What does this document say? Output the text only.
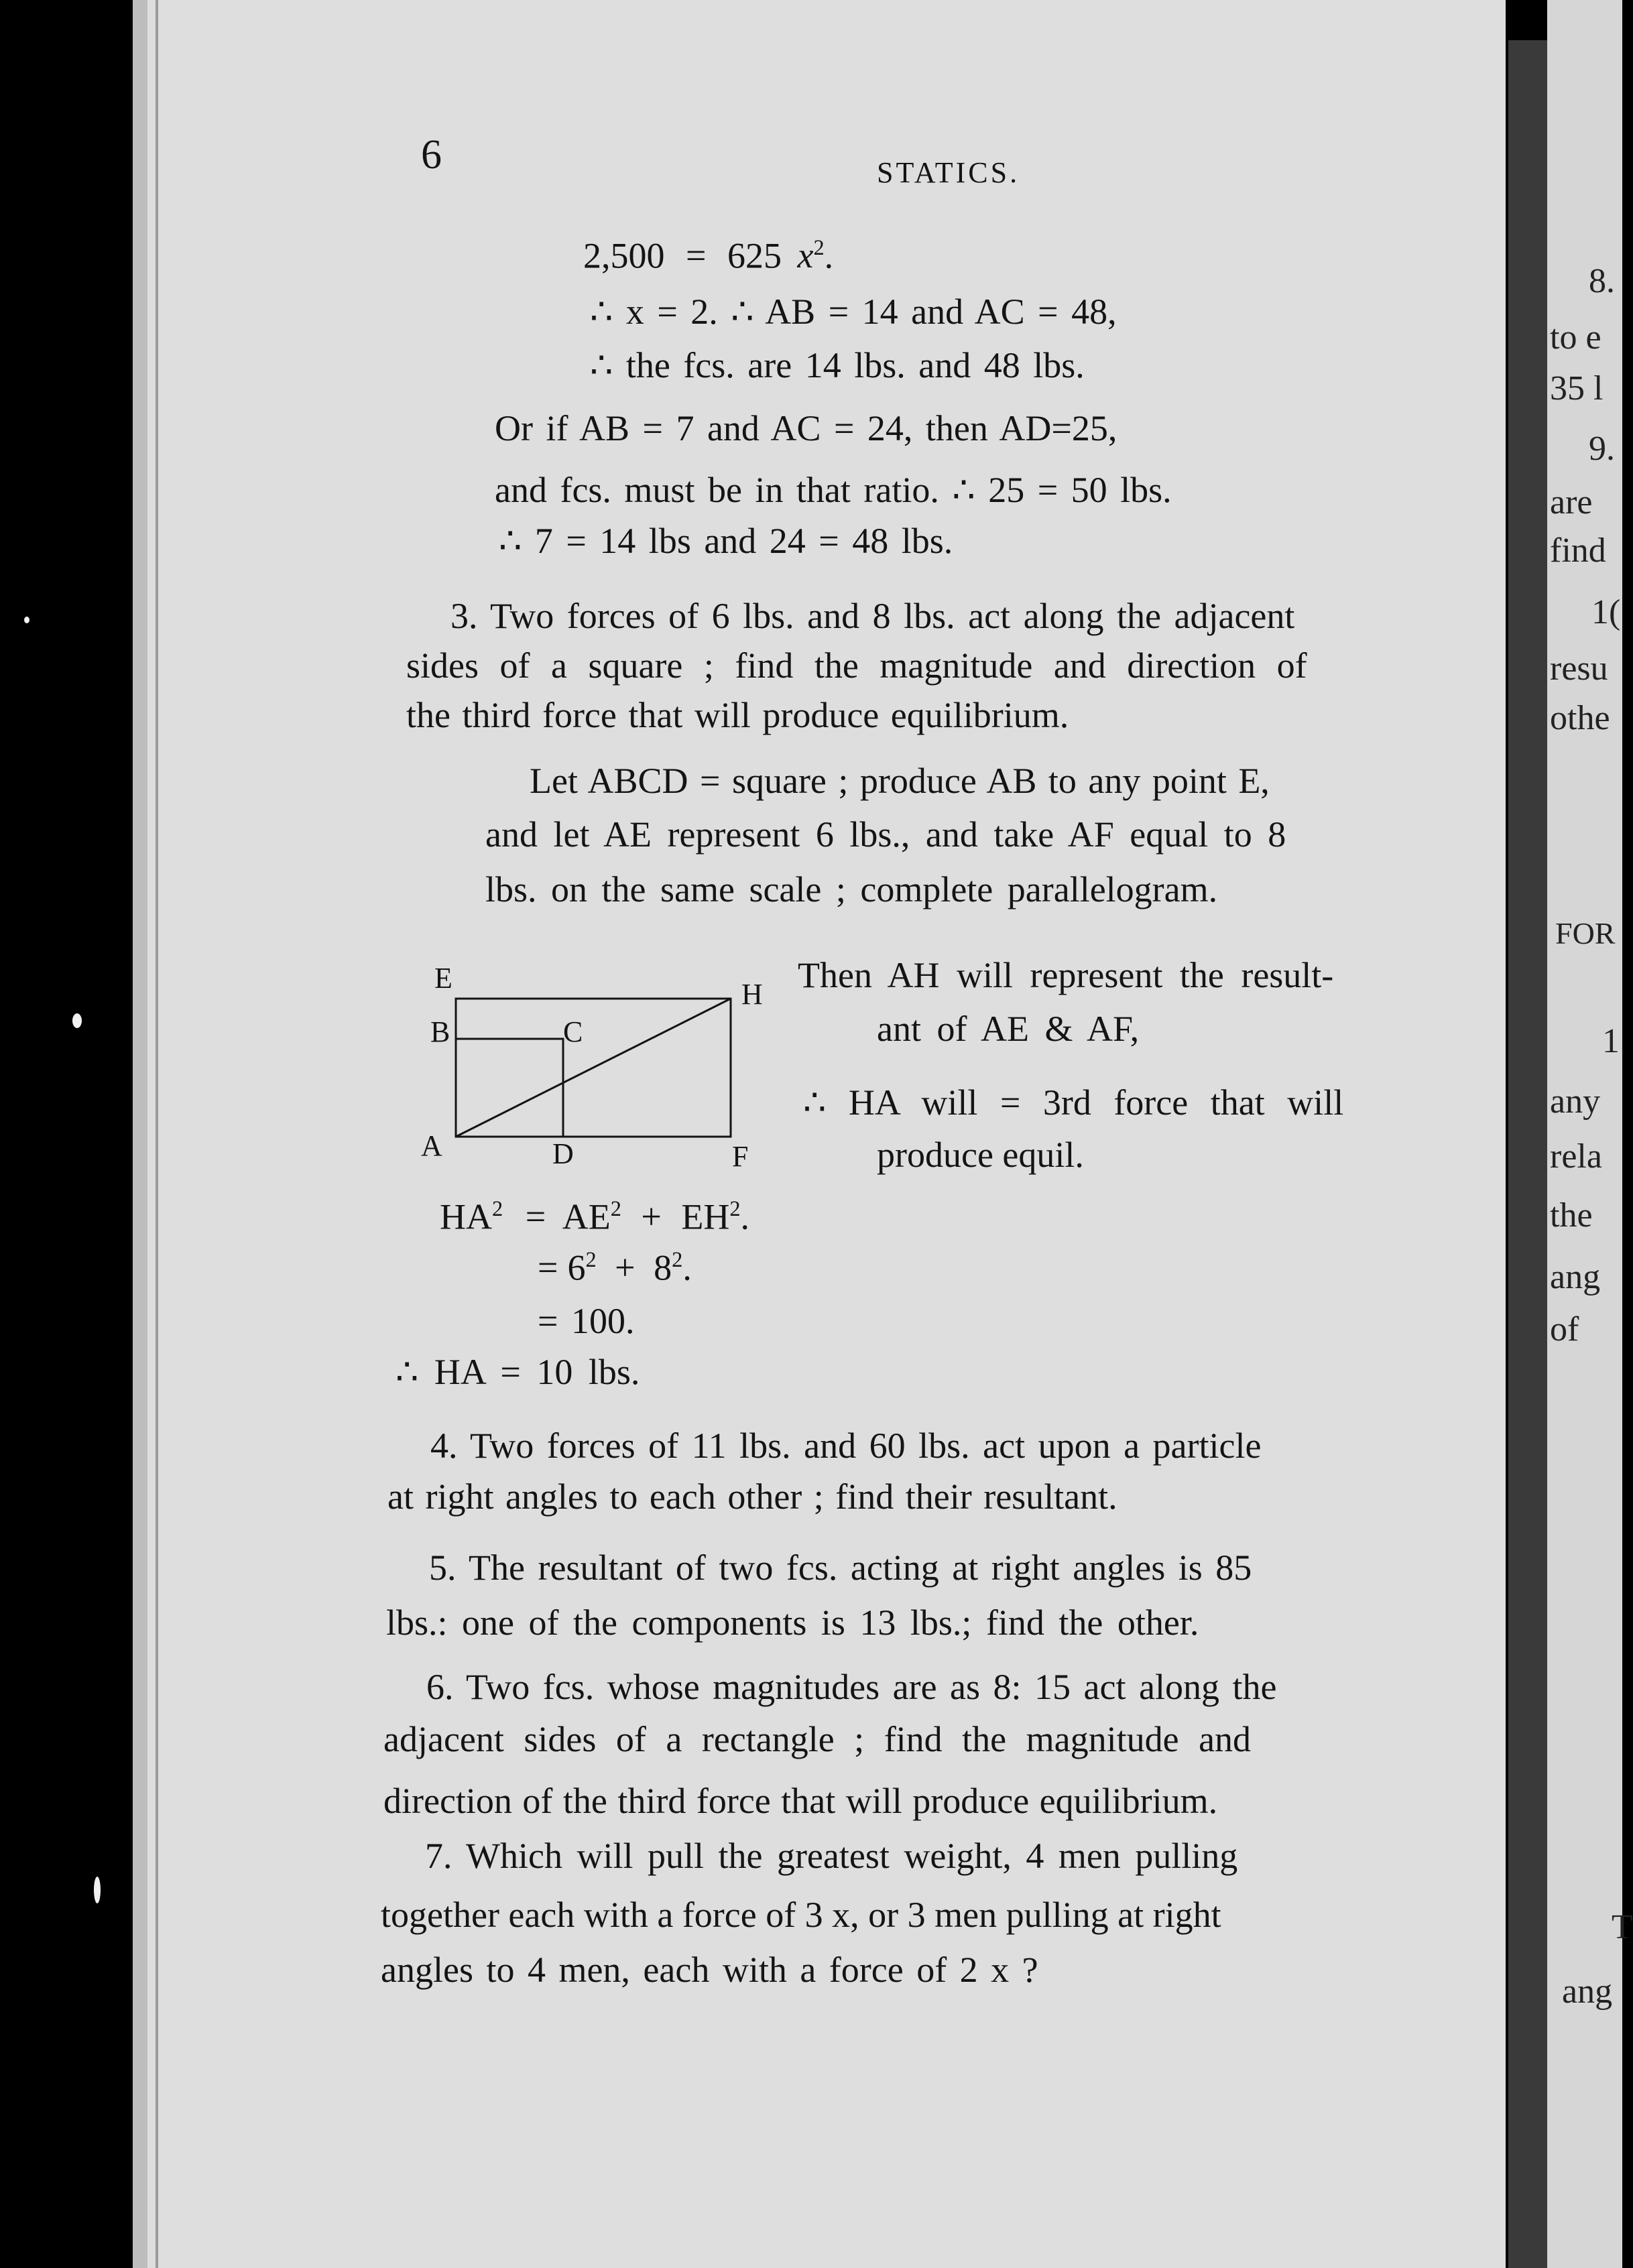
6	STATICS.
2,500 = 625 $x^2$.
∴ x = 2. ∴ AB = 14 and AC = 48,
∴ the fcs. are 14 lbs. and 48 lbs.
Or if AB = 7 and AC = 24, then AD=25,
and fcs. must be in that ratio. ∴ 25 = 50 lbs.
∴ 7 = 14 lbs and 24 = 48 lbs.
3. Two forces of 6 lbs. and 8 lbs. act along the adjacent
sides of a square ; find the magnitude and direction of
the third force that will produce equilibrium.
Let ABCD = square ; produce AB to any point E,
and let AE represent 6 lbs., and take AF equal to 8
lbs. on the same scale ; complete parallelogram.
E
B	C
H
A	D	F
Then AH will represent the result-
ant of AE & AF,
∴ HA will = 3rd force that will
produce equil.
$HA^2 = AE^2 + EH^2$.
= $6^2 + 8^2$.
= 100.
∴ HA = 10 lbs.
4. Two forces of 11 lbs. and 60 lbs. act upon a particle
at right angles to each other ; find their resultant.
5. The resultant of two fcs. acting at right angles is 85
lbs.: one of the components is 13 lbs.; find the other.
6. Two fcs. whose magnitudes are as 8: 15 act along the
adjacent sides of a rectangle ; find the magnitude and
direction of the third force that will produce equilibrium.
7. Which will pull the greatest weight, 4 men pulling
together each with a force of 3 x, or 3 men pulling at right
angles to 4 men, each with a force of 2 x ?
8.
to e
35 l
9.
are
find
1(
resu
othe
FOR
1
any
rela
the
ang
of
T
ang
